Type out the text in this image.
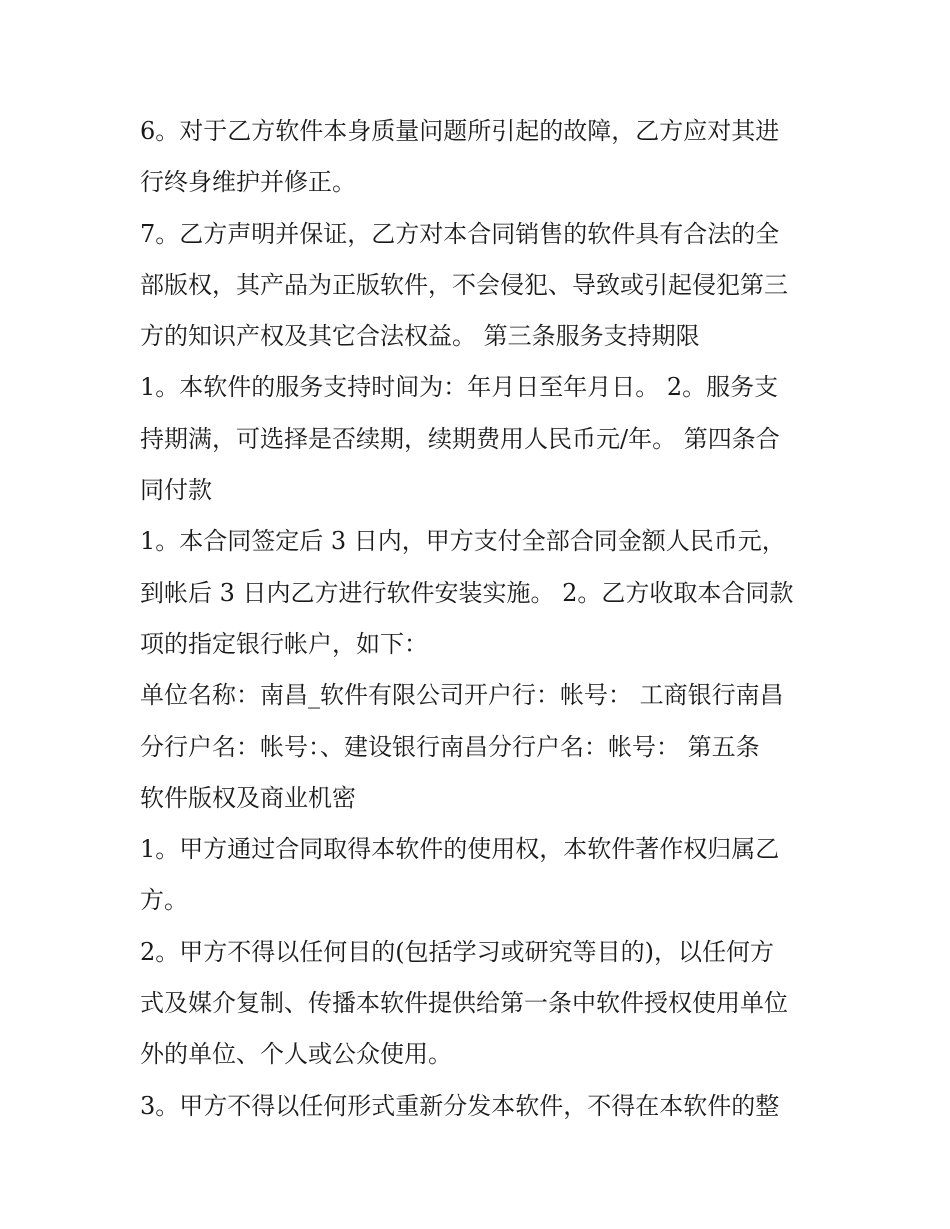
6。对于乙方软件本身质量问题所引起的故障，乙方应对其进
行终身维护并修正。
7。乙方声明并保证，乙方对本合同销售的软件具有合法的全
部版权，其产品为正版软件，不会侵犯、导致或引起侵犯第三
方的知识产权及其它合法权益。 第三条服务支持期限
1。本软件的服务支持时间为：年月日至年月日。 2。服务支
持期满，可选择是否续期，续期费用人民币元/年。 第四条合
同付款
1。本合同签定后 3 日内，甲方支付全部合同金额人民币元，
到帐后 3 日内乙方进行软件安装实施。 2。乙方收取本合同款
项的指定银行帐户，如下：
单位名称：南昌_软件有限公司开户行：帐号： 工商银行南昌
分行户名：帐号：、建设银行南昌分行户名：帐号： 第五条
软件版权及商业机密
1。甲方通过合同取得本软件的使用权，本软件著作权归属乙
方。
2。甲方不得以任何目的(包括学习或研究等目的)，以任何方
式及媒介复制、传播本软件提供给第一条中软件授权使用单位
外的单位、个人或公众使用。
3。甲方不得以任何形式重新分发本软件，不得在本软件的整
